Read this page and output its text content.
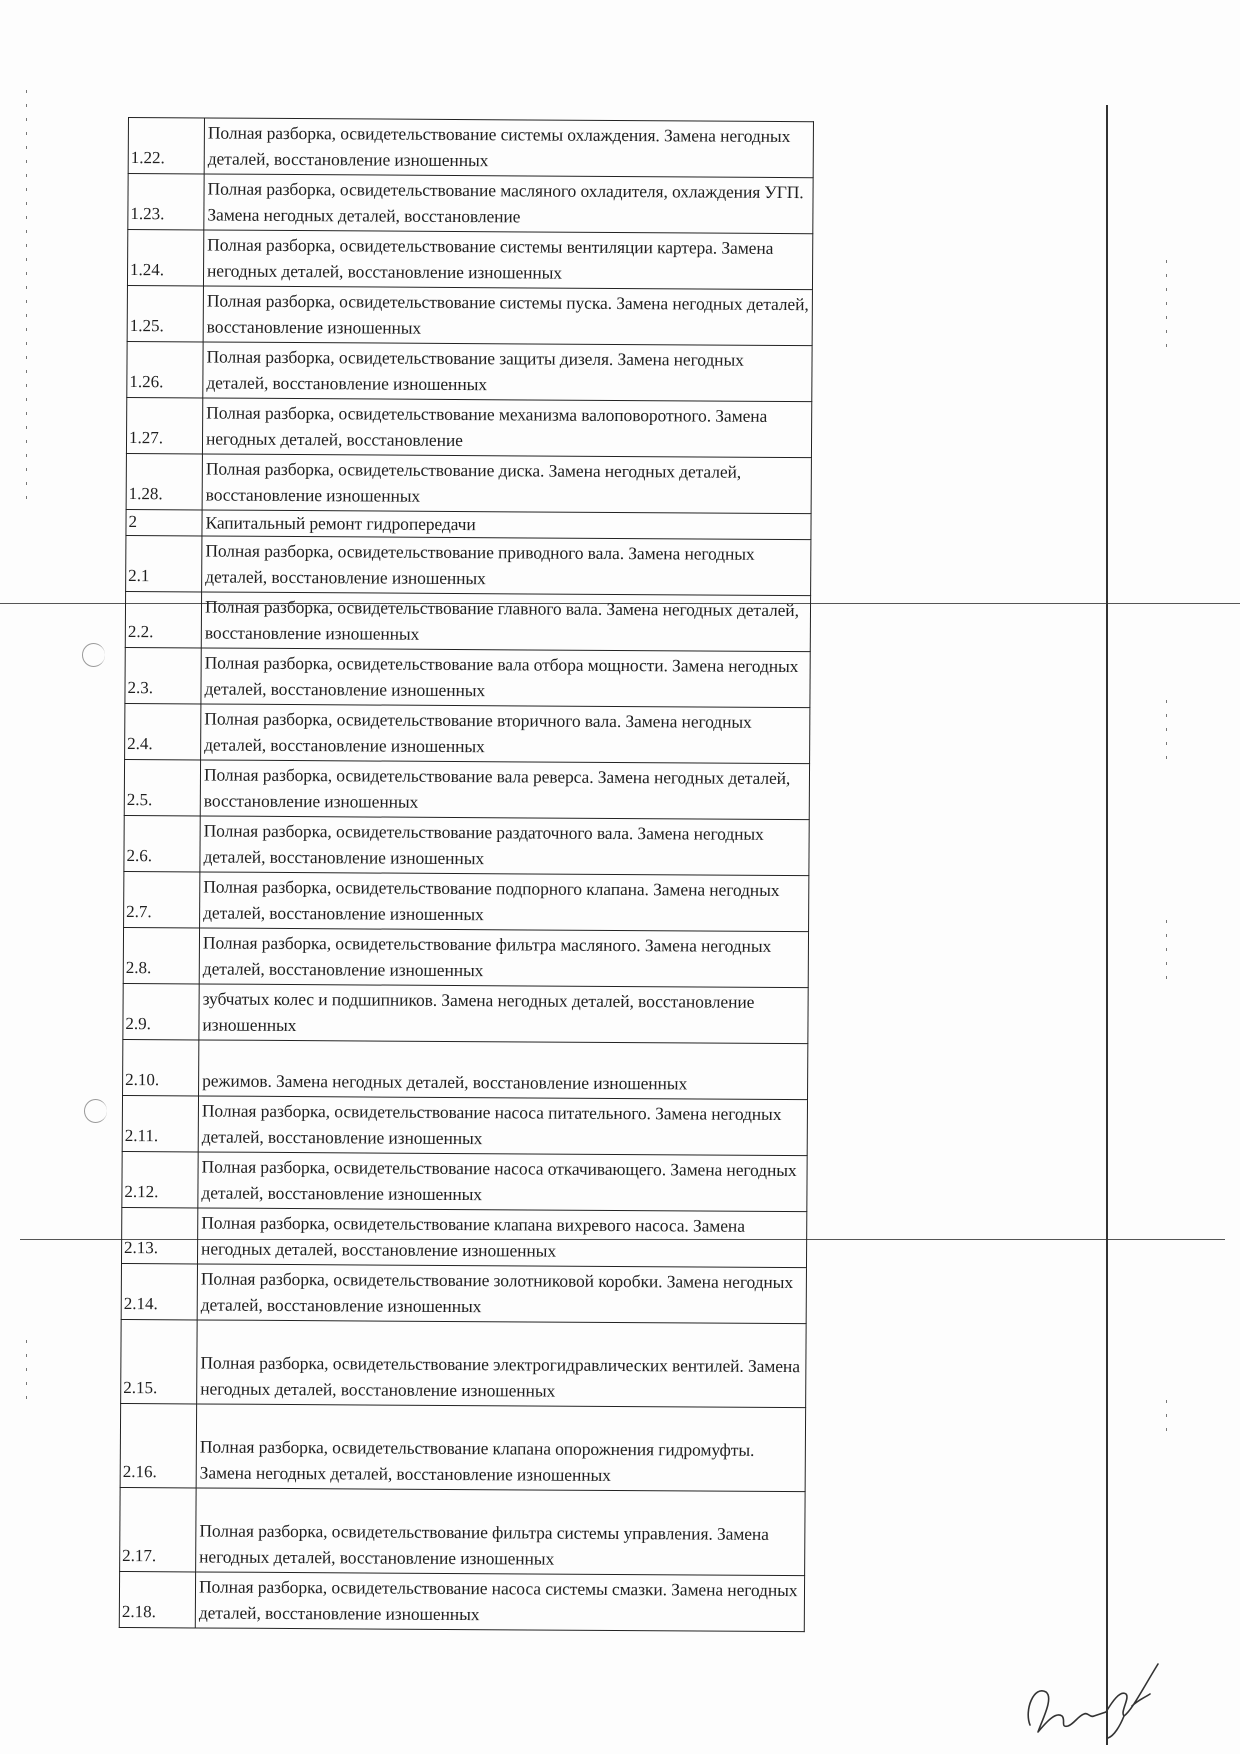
1.22.	Полная разборка, освидетельствование системы охлаждения. Замена негодных деталей, восстановление изношенных
1.23.	Полная разборка, освидетельствование масляного охладителя, охлаждения УГП. Замена негодных деталей, восстановление
1.24.	Полная разборка, освидетельствование системы вентиляции картера. Замена негодных деталей, восстановление изношенных
1.25.	Полная разборка, освидетельствование системы пуска. Замена негодных деталей, восстановление изношенных
1.26.	Полная разборка, освидетельствование защиты дизеля. Замена негодных деталей, восстановление изношенных
1.27.	Полная разборка, освидетельствование механизма валоповоротного. Замена негодных деталей, восстановление
1.28.	Полная разборка, освидетельствование диска. Замена негодных деталей, восстановление изношенных
2	Капитальный ремонт гидропередачи
2.1	Полная разборка, освидетельствование приводного вала. Замена негодных деталей, восстановление изношенных
2.2.	Полная разборка, освидетельствование главного вала. Замена негодных деталей, восстановление изношенных
2.3.	Полная разборка, освидетельствование вала отбора мощности. Замена негодных деталей, восстановление изношенных
2.4.	Полная разборка, освидетельствование вторичного вала. Замена негодных деталей, восстановление изношенных
2.5.	Полная разборка, освидетельствование вала реверса. Замена негодных деталей, восстановление изношенных
2.6.	Полная разборка, освидетельствование раздаточного вала. Замена негодных деталей, восстановление изношенных
2.7.	Полная разборка, освидетельствование подпорного клапана. Замена негодных деталей, восстановление изношенных
2.8.	Полная разборка, освидетельствование фильтра масляного. Замена негодных деталей, восстановление изношенных
2.9.	зубчатых колес и подшипников. Замена негодных деталей, восстановление изношенных
2.10.	режимов. Замена негодных деталей, восстановление изношенных
2.11.	Полная разборка, освидетельствование насоса питательного. Замена негодных деталей, восстановление изношенных
2.12.	Полная разборка, освидетельствование насоса откачивающего. Замена негодных деталей, восстановление изношенных
2.13.	Полная разборка, освидетельствование клапана вихревого насоса. Замена негодных деталей, восстановление изношенных
2.14.	Полная разборка, освидетельствование золотниковой коробки. Замена негодных деталей, восстановление изношенных
2.15.	Полная разборка, освидетельствование электрогидравлических вентилей. Замена негодных деталей, восстановление изношенных
2.16.	Полная разборка, освидетельствование клапана опорожнения гидромуфты. Замена негодных деталей, восстановление изношенных
2.17.	Полная разборка, освидетельствование фильтра системы управления. Замена негодных деталей, восстановление изношенных
2.18.	Полная разборка, освидетельствование насоса системы смазки. Замена негодных деталей, восстановление изношенных
